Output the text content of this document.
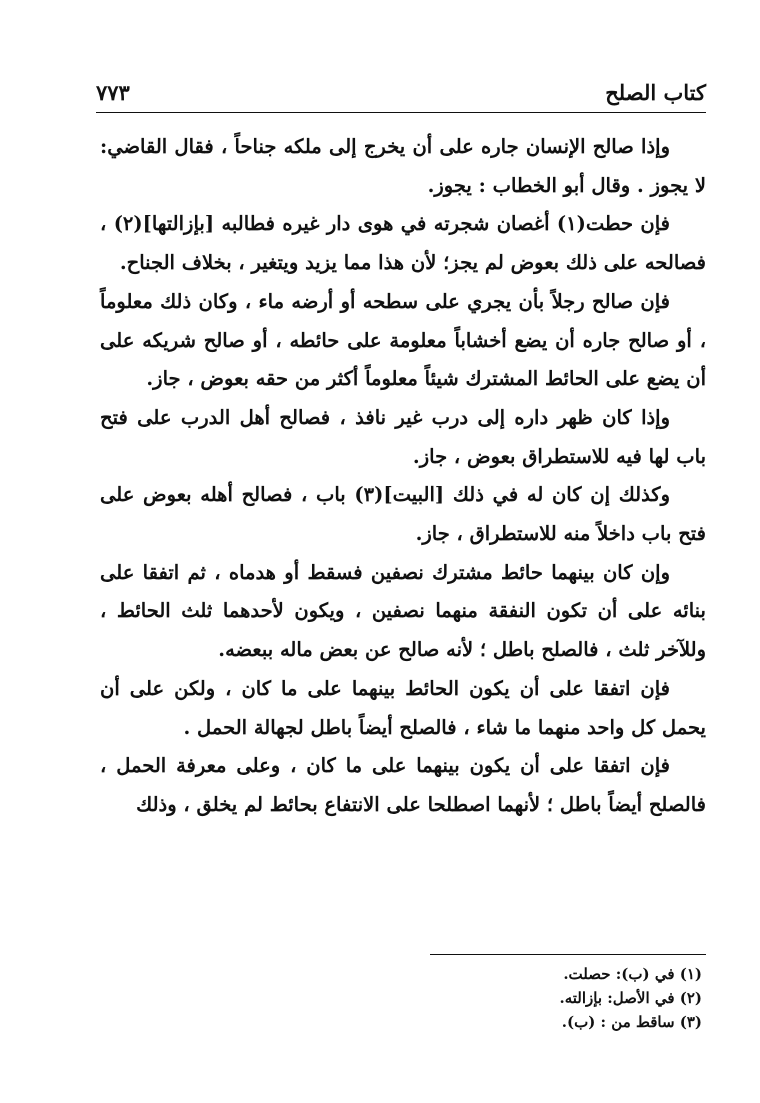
كتاب الصلح
٧٧٣

وإذا صالح الإنسان جاره على أن يخرج إلى ملكه جناحاً ، فقال القاضي: لا يجوز . وقال أبو الخطاب : يجوز.

فإن حطت(١) أغصان شجرته في هوى دار غيره فطالبه [بإزالتها](٢) ، فصالحه على ذلك بعوض لم يجز؛ لأن هذا مما يزيد ويتغير ، بخلاف الجناح.

فإن صالح رجلاً بأن يجري على سطحه أو أرضه ماء ، وكان ذلك معلوماً ، أو صالح جاره أن يضع أخشاباً معلومة على حائطه ، أو صالح شريكه على أن يضع على الحائط المشترك شيئاً معلوماً أكثر من حقه بعوض ، جاز.

وإذا كان ظهر داره إلى درب غير نافذ ، فصالح أهل الدرب على فتح باب لها فيه للاستطراق بعوض ، جاز.

وكذلك إن كان له في ذلك [البيت](٣) باب ، فصالح أهله بعوض على فتح باب داخلاً منه للاستطراق ، جاز.

وإن كان بينهما حائط مشترك نصفين فسقط أو هدماه ، ثم اتفقا على بنائه على أن تكون النفقة منهما نصفين ، ويكون لأحدهما ثلث الحائط ، وللآخر ثلث ، فالصلح باطل ؛ لأنه صالح عن بعض ماله ببعضه.

فإن اتفقا على أن يكون الحائط بينهما على ما كان ، ولكن على أن يحمل كل واحد منهما ما شاء ، فالصلح أيضاً باطل لجهالة الحمل .

فإن اتفقا على أن يكون بينهما على ما كان ، وعلى معرفة الحمل ، فالصلح أيضاً باطل ؛ لأنهما اصطلحا على الانتفاع بحائط لم يخلق ، وذلك

(١) في (ب): حصلت.
(٢) في الأصل: بإزالته.
(٣) ساقط من : (ب).
